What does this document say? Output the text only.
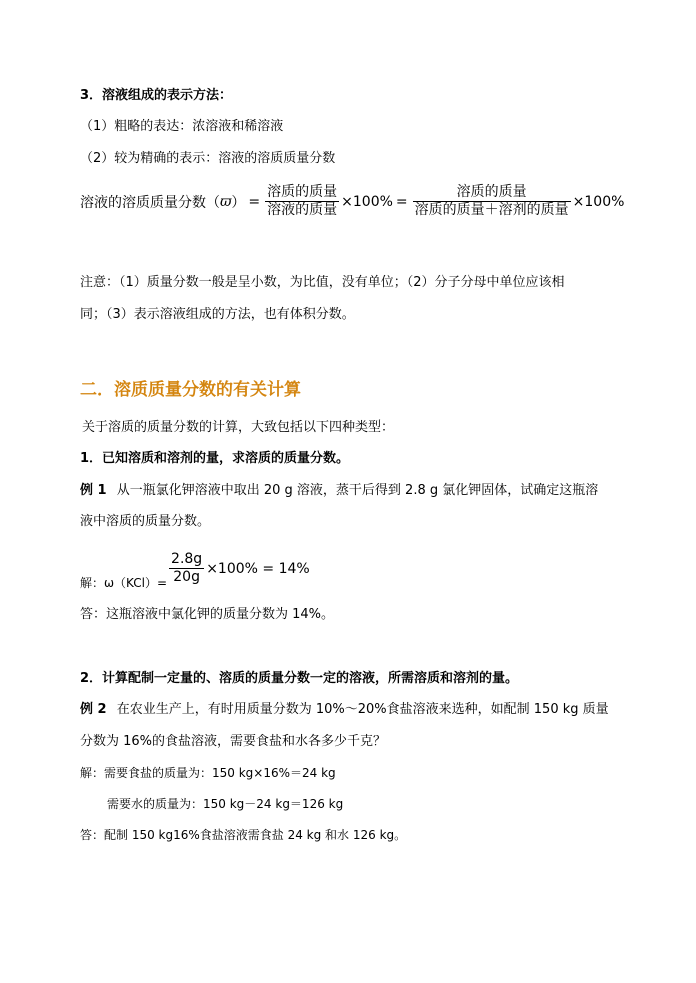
3．溶液组成的表示方法：
（1）粗略的表达：浓溶液和稀溶液
（2）较为精确的表示：溶液的溶质质量分数
溶液的溶质质量分数（ ϖ ） = $\frac{\text{溶质的质量}}{\text{溶液的质量}} \times 100\% = \frac{\text{溶质的质量}}{\text{溶质的质量＋溶剂的质量}} \times 100\%$
注意：（1）质量分数一般是呈小数，为比值，没有单位；（2）分子分母中单位应该相
同；（3）表示溶液组成的方法，也有体积分数。
二．溶质质量分数的有关计算
关于溶质的质量分数的计算，大致包括以下四种类型：
1．已知溶质和溶剂的量，求溶质的质量分数。
例 1 从一瓶氯化钾溶液中取出 20 g 溶液，蒸干后得到 2.8 g 氯化钾固体，试确定这瓶溶
液中溶质的质量分数。
解：$\omega(KCl)= \frac{2.8g}{20g} \times 100\% = 14\%$
答：这瓶溶液中氯化钾的质量分数为 14%。
2．计算配制一定量的、溶质的质量分数一定的溶液，所需溶质和溶剂的量。
例 2 在农业生产上，有时用质量分数为 10%～20%食盐溶液来选种，如配制 150 kg 质量
分数为 16%的食盐溶液，需要食盐和水各多少千克？
解：需要食盐的质量为：150 kg×16%＝24 kg
需要水的质量为：150 kg－24 kg＝126 kg
答：配制 150 kg16%食盐溶液需食盐 24 kg 和水 126 kg。
